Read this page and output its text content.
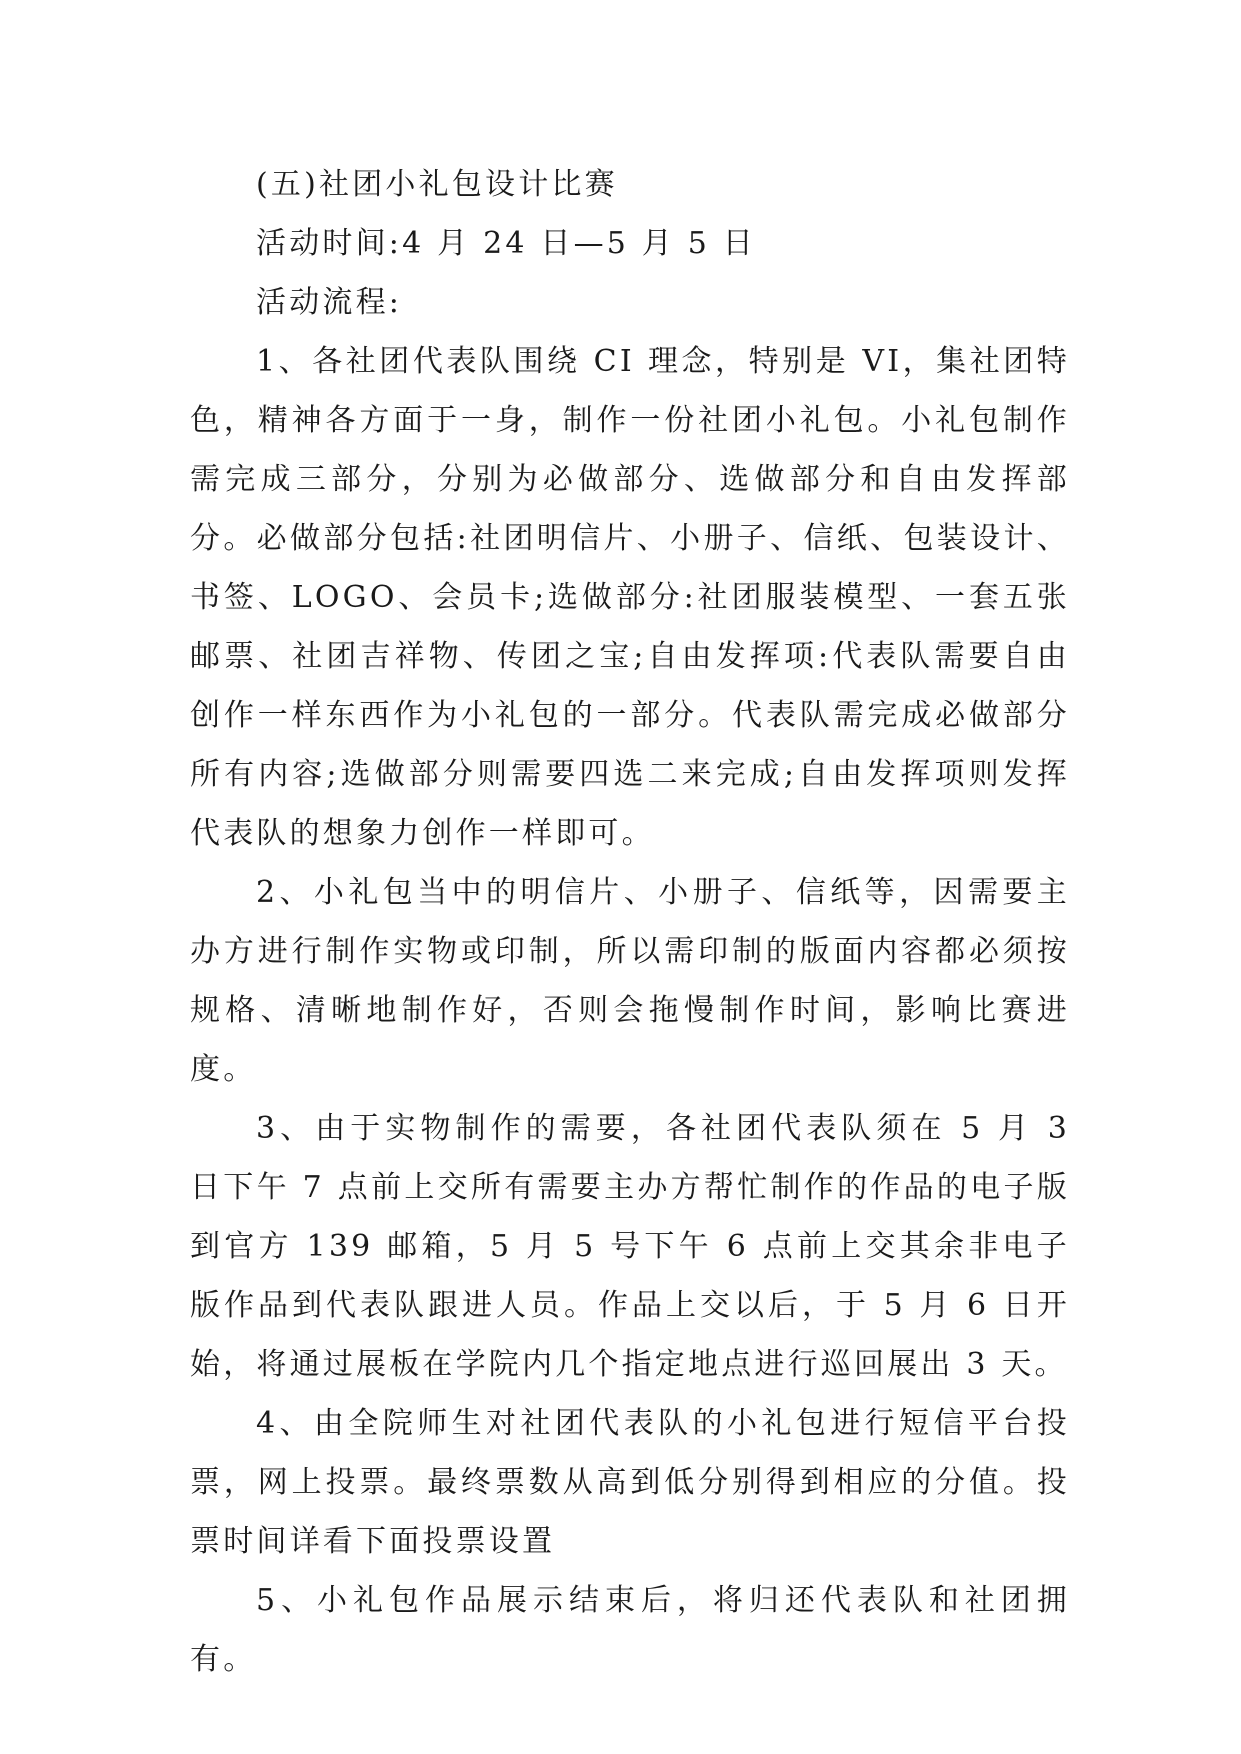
(五)社团小礼包设计比赛
活动时间:4 月 24 日—5 月 5 日
活动流程:

1、各社团代表队围绕 CI 理念，特别是 VI，集社团特色，精神各方面于一身，制作一份社团小礼包。小礼包制作需完成三部分，分别为必做部分、选做部分和自由发挥部分。必做部分包括:社团明信片、小册子、信纸、包装设计、书签、LOGO、会员卡;选做部分:社团服装模型、一套五张邮票、社团吉祥物、传团之宝;自由发挥项:代表队需要自由创作一样东西作为小礼包的一部分。代表队需完成必做部分所有内容;选做部分则需要四选二来完成;自由发挥项则发挥代表队的想象力创作一样即可。

2、小礼包当中的明信片、小册子、信纸等，因需要主办方进行制作实物或印制，所以需印制的版面内容都必须按规格、清晰地制作好，否则会拖慢制作时间，影响比赛进度。

3、由于实物制作的需要，各社团代表队须在 5 月 3 日下午 7 点前上交所有需要主办方帮忙制作的作品的电子版到官方 139 邮箱，5 月 5 号下午 6 点前上交其余非电子版作品到代表队跟进人员。作品上交以后，于 5 月 6 日开始，将通过展板在学院内几个指定地点进行巡回展出 3 天。

4、由全院师生对社团代表队的小礼包进行短信平台投票，网上投票。最终票数从高到低分别得到相应的分值。投票时间详看下面投票设置

5、小礼包作品展示结束后，将归还代表队和社团拥有。
